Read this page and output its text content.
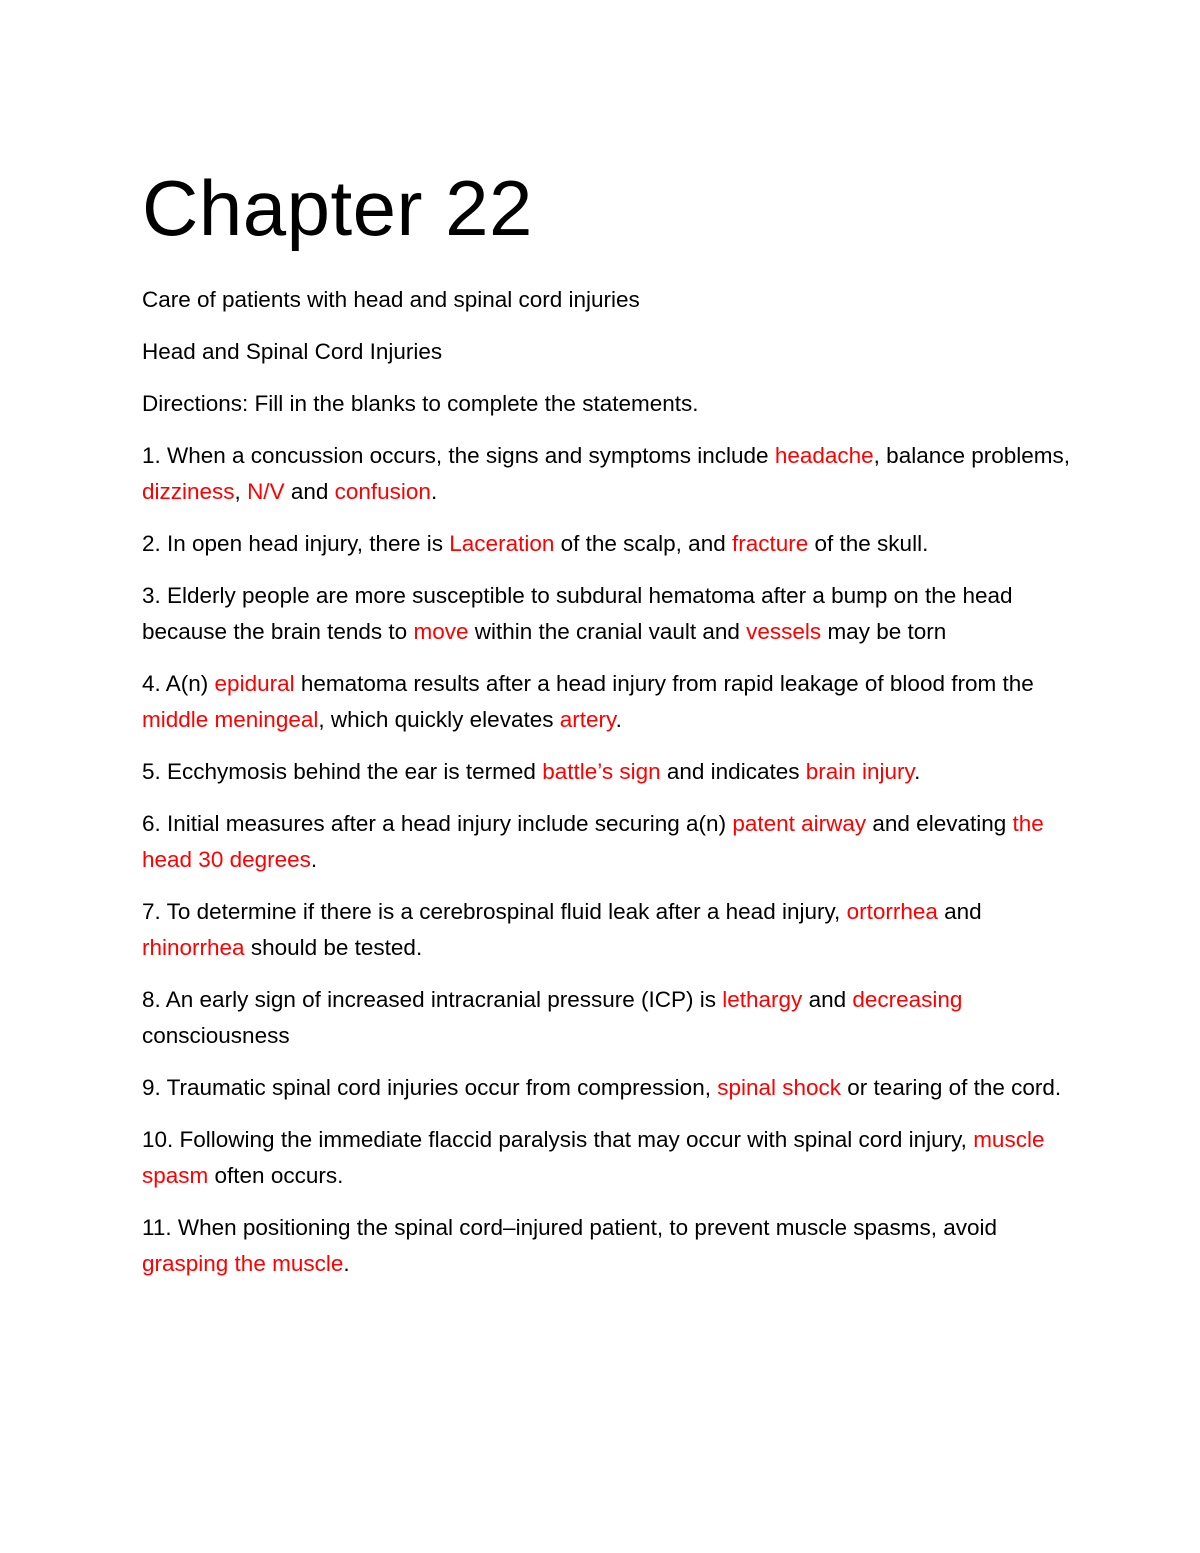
Chapter 22
Care of patients with head and spinal cord injuries
Head and Spinal Cord Injuries
Directions: Fill in the blanks to complete the statements.
1. When a concussion occurs, the signs and symptoms include headache, balance problems, dizziness, N/V and confusion.
2. In open head injury, there is Laceration of the scalp, and fracture of the skull.
3. Elderly people are more susceptible to subdural hematoma after a bump on the head because the brain tends to move within the cranial vault and vessels may be torn
4. A(n) epidural hematoma results after a head injury from rapid leakage of blood from the middle meningeal, which quickly elevates artery.
5. Ecchymosis behind the ear is termed battle’s sign and indicates brain injury.
6. Initial measures after a head injury include securing a(n) patent airway and elevating the head 30 degrees.
7. To determine if there is a cerebrospinal fluid leak after a head injury, ortorrhea and rhinorrhea should be tested.
8. An early sign of increased intracranial pressure (ICP) is lethargy and decreasing consciousness
9. Traumatic spinal cord injuries occur from compression, spinal shock or tearing of the cord.
10. Following the immediate flaccid paralysis that may occur with spinal cord injury, muscle spasm often occurs.
11. When positioning the spinal cord–injured patient, to prevent muscle spasms, avoid grasping the muscle.
